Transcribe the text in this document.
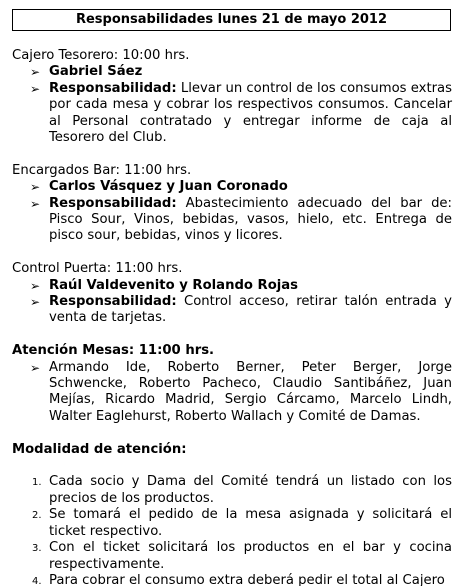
Responsabilidades lunes 21 de mayo 2012
Cajero Tesorero: 10:00 hrs.
➢ Gabriel Sáez
➢ Responsabilidad: Llevar un control de los consumos extras por cada mesa y cobrar los respectivos consumos. Cancelar al Personal contratado y entregar informe de caja al Tesorero del Club.
Encargados Bar: 11:00 hrs.
➢ Carlos Vásquez y Juan Coronado
➢ Responsabilidad: Abastecimiento adecuado del bar de: Pisco Sour, Vinos, bebidas, vasos, hielo, etc. Entrega de pisco sour, bebidas, vinos y licores.
Control Puerta: 11:00 hrs.
➢ Raúl Valdevenito y Rolando Rojas
➢ Responsabilidad: Control acceso, retirar talón entrada y venta de tarjetas.
Atención Mesas: 11:00 hrs.
➢ Armando Ide, Roberto Berner, Peter Berger, Jorge Schwencke, Roberto Pacheco, Claudio Santibáñez, Juan Mejías, Ricardo Madrid, Sergio Cárcamo, Marcelo Lindh, Walter Eaglehurst, Roberto Wallach y Comité de Damas.
Modalidad de atención:
1. Cada socio y Dama del Comité tendrá un listado con los precios de los productos.
2. Se tomará el pedido de la mesa asignada y solicitará el ticket respectivo.
3. Con el ticket solicitará los productos en el bar y cocina respectivamente.
4. Para cobrar el consumo extra deberá pedir el total al Cajero
